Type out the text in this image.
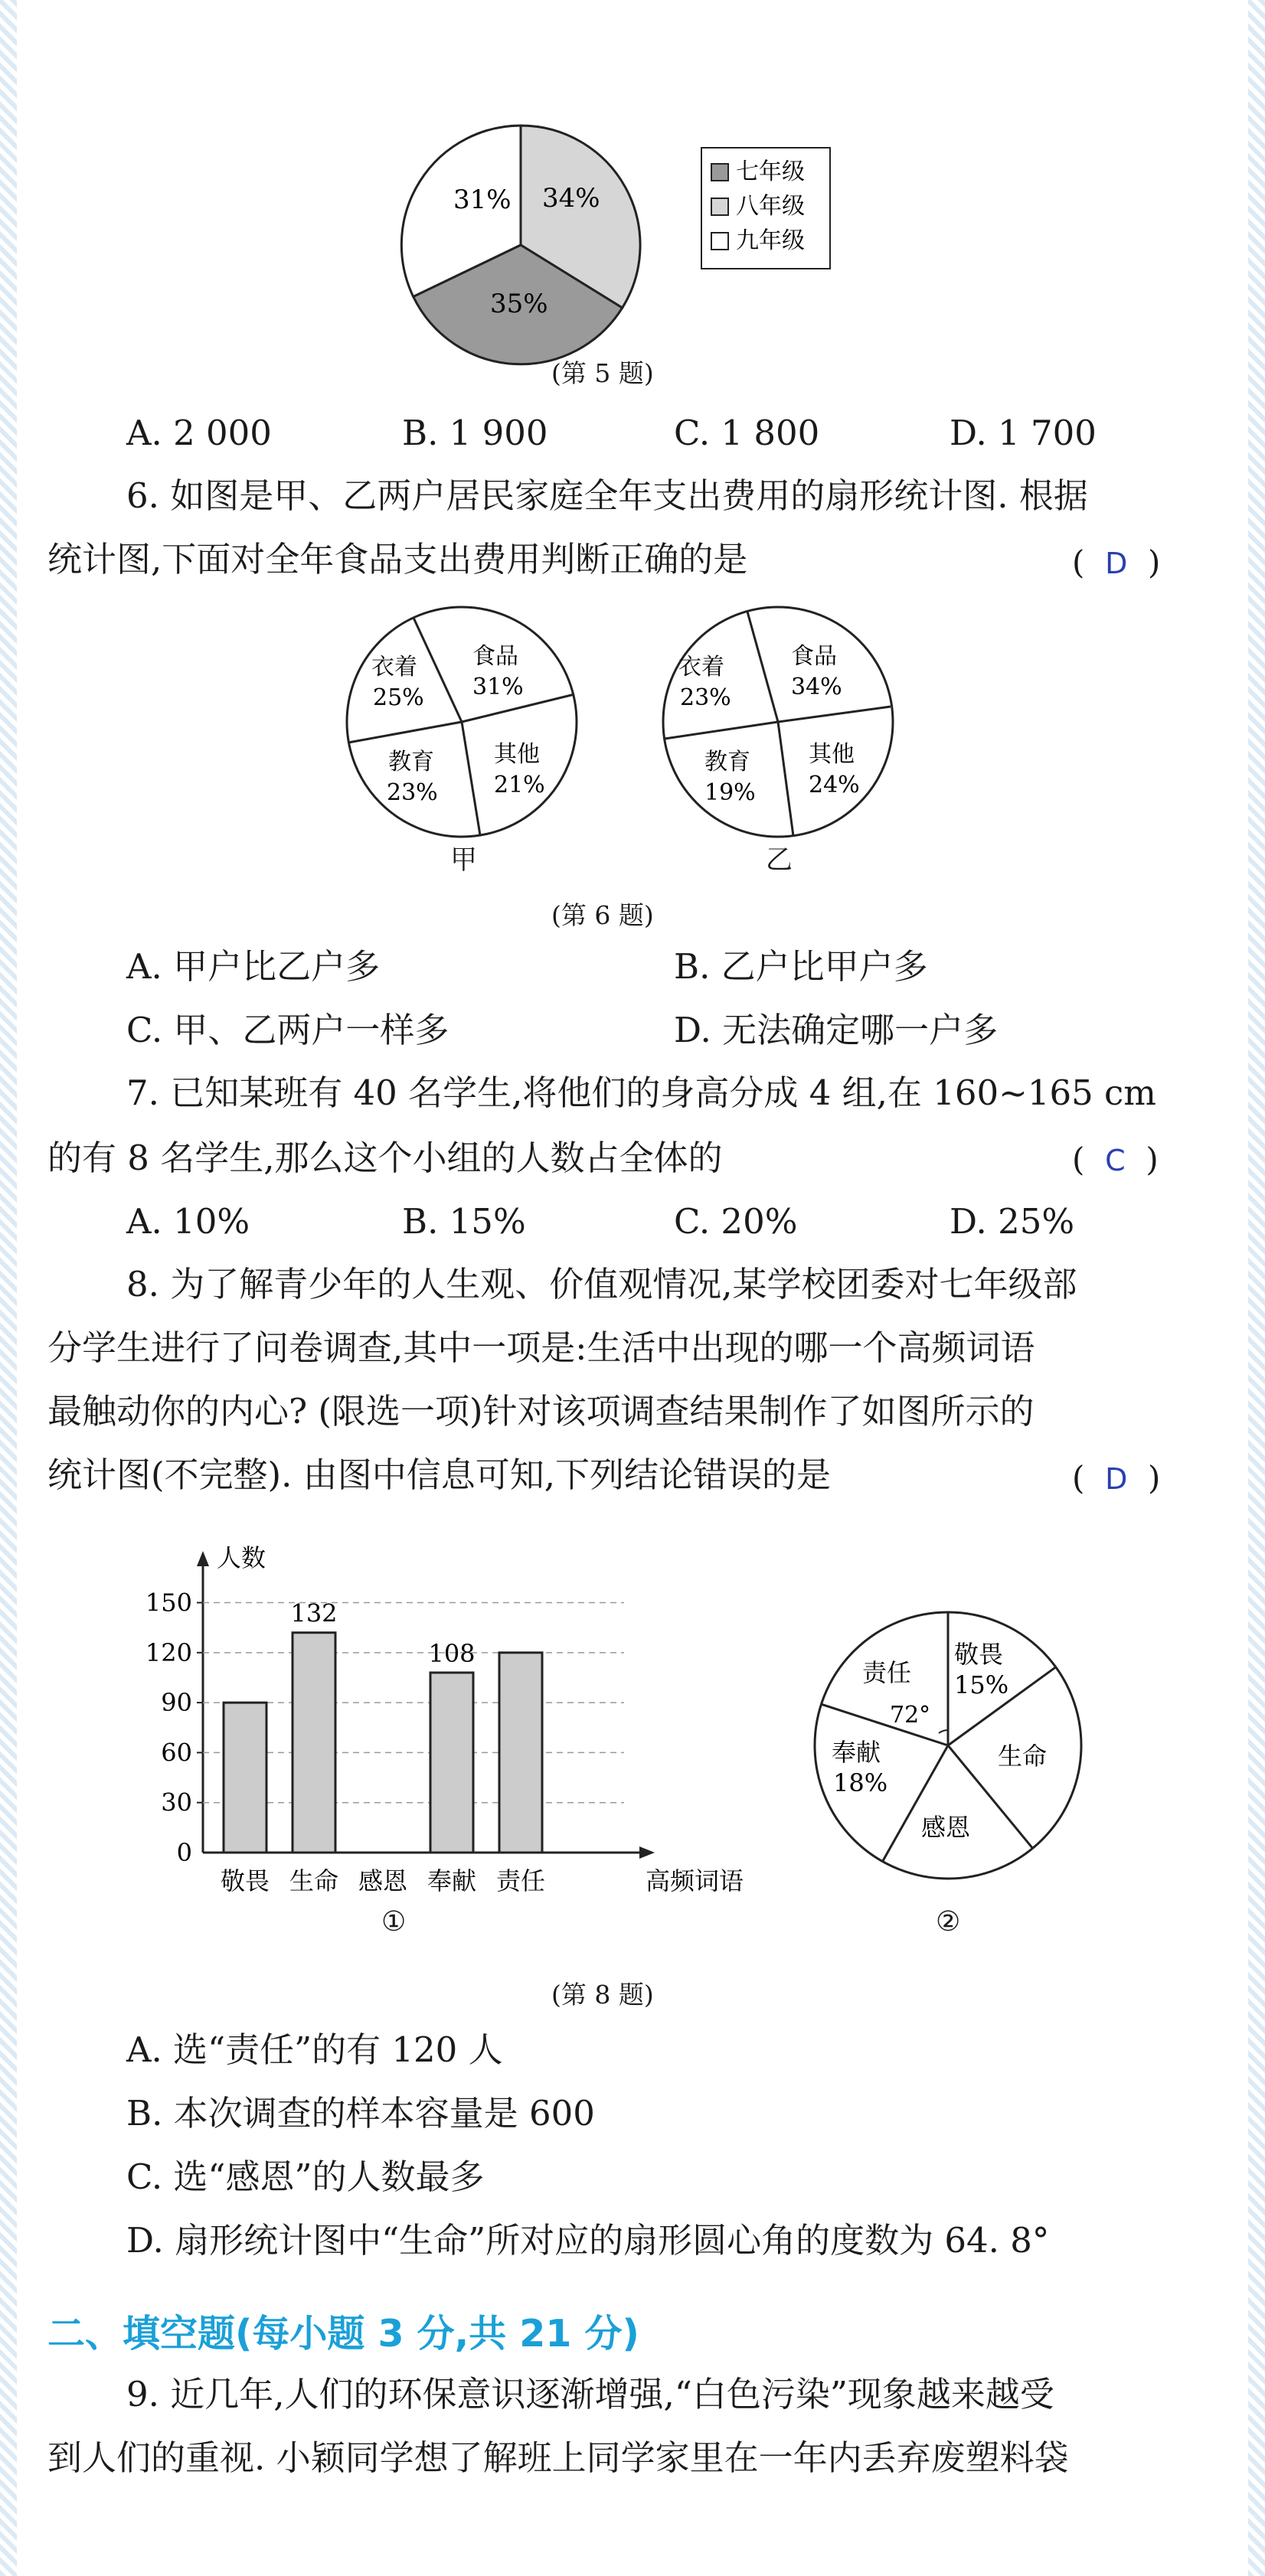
31% 34%
35%
七年级
八年级
九年级
(第 5 题)
A. 2 000	B. 1 900	C. 1 800	D. 1 700
6. 如图是甲、乙两户居民家庭全年支出费用的扇形统计图. 根据
统计图,下面对全年食品支出费用判断正确的是	(  D  )
衣着
25%
食品
31%
教育
23%
其他
21%
甲
衣着
23%
食品
34%
教育
19%
其他
24%
乙
(第 6 题)
A. 甲户比乙户多	B. 乙户比甲户多
C. 甲、乙两户一样多	D. 无法确定哪一户多
7. 已知某班有 40 名学生,将他们的身高分成 4 组,在 160~165 cm
的有 8 名学生,那么这个小组的人数占全体的	(  C  )
A. 10%	B. 15%	C. 20%	D. 25%
8. 为了解青少年的人生观、价值观情况,某学校团委对七年级部
分学生进行了问卷调查,其中一项是:生活中出现的哪一个高频词语
最触动你的内心? (限选一项)针对该项调查结果制作了如图所示的
统计图(不完整). 由图中信息可知,下列结论错误的是	(  D  )
0
30
60
90
120
150
人数
高频词语
敬畏 生命
132
感恩 奉献
108
责任
①
敬畏
15%
生命
感恩
奉献
18%
责任
72°
②
(第 8 题)
A. 选“责任”的有 120 人
B. 本次调查的样本容量是 600
C. 选“感恩”的人数最多
D. 扇形统计图中“生命”所对应的扇形圆心角的度数为 64. 8°
二、填空题(每小题 3 分,共 21 分)
9. 近几年,人们的环保意识逐渐增强,“白色污染”现象越来越受
到人们的重视. 小颖同学想了解班上同学家里在一年内丢弃废塑料袋
